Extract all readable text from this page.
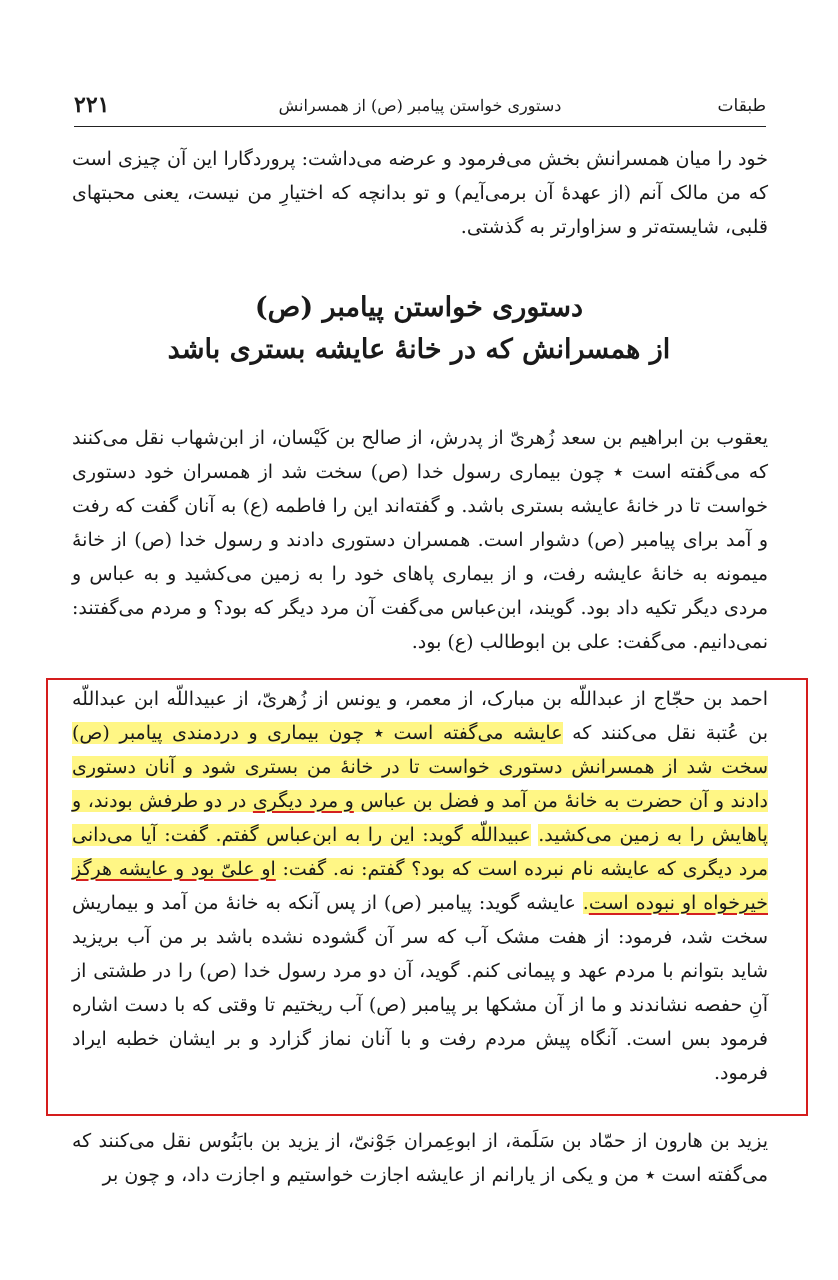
طبقات
دستوری خواستن پیامبر (ص) از همسرانش
۲۲۱

خود را میان همسرانش بخش می‌فرمود و عرضه می‌داشت: پروردگارا این آن چیزی است که من مالک آنم (از عهدهٔ آن برمی‌آیم) و تو بدانچه که اختیارِ من نیست، یعنی محبتهای قلبی، شایسته‌تر و سزاوارتر به گذشتی.

دستوری خواستن پیامبر (ص)
از همسرانش که در خانهٔ عایشه بستری باشد

یعقوب بن ابراهیم بن سعد زُهریّ از پدرش، از صالح بن کَیْسان، از ابن‌شهاب نقل می‌کنند که می‌گفته است ٭ چون بیماری رسول خدا (ص) سخت شد از همسران خود دستوری خواست تا در خانهٔ عایشه بستری باشد. و گفته‌اند این را فاطمه (ع) به آنان گفت که رفت و آمد برای پیامبر (ص) دشوار است. همسران دستوری دادند و رسول خدا (ص) از خانهٔ میمونه به خانهٔ عایشه رفت، و از بیماری پاهای خود را به زمین می‌کشید و به عباس و مردی دیگر تکیه داد بود. گویند، ابن‌عباس می‌گفت آن مرد دیگر که بود؟ و مردم می‌گفتند: نمی‌دانیم. می‌گفت: علی بن ابوطالب (ع) بود.

احمد بن حجّاج از عبداللّه بن مبارک، از معمر، و یونس از زُهریّ، از عبیداللّه ابن عبداللّه بن عُتبة نقل می‌کنند که عایشه می‌گفته است ٭ چون بیماری و دردمندی پیامبر (ص) سخت شد از همسرانش دستوری خواست تا در خانهٔ من بستری شود و آنان دستوری دادند و آن حضرت به خانهٔ من آمد و فضل بن عباس و مرد دیگری در دو طرفش بودند، و پاهایش را به زمین می‌کشید. عبیداللّه گوید: این را به ابن‌عباس گفتم. گفت: آیا می‌دانی مرد دیگری که عایشه نام نبرده است که بود؟ گفتم: نه. گفت: او علیّ بود و عایشه هرگز خیرخواه او نبوده است. عایشه گوید: پیامبر (ص) از پس آنکه به خانهٔ من آمد و بیماریش سخت شد، فرمود: از هفت مشک آب که سر آن گشوده نشده باشد بر من آب بریزید شاید بتوانم با مردم عهد و پیمانی کنم. گوید، آن دو مرد رسول خدا (ص) را در طشتی از آنِ حفصه نشاندند و ما از آن مشکها بر پیامبر (ص) آب ریختیم تا وقتی که با دست اشاره فرمود بس است. آنگاه پیش مردم رفت و با آنان نماز گزارد و بر ایشان خطبه ایراد فرمود.

یزید بن هارون از حمّاد بن سَلَمة، از ابوعِمران جَوْنیّ، از یزید بن بابَنُوس نقل می‌کنند که می‌گفته است ٭ من و یکی از یارانم از عایشه اجازت خواستیم و اجازت داد، و چون بر
